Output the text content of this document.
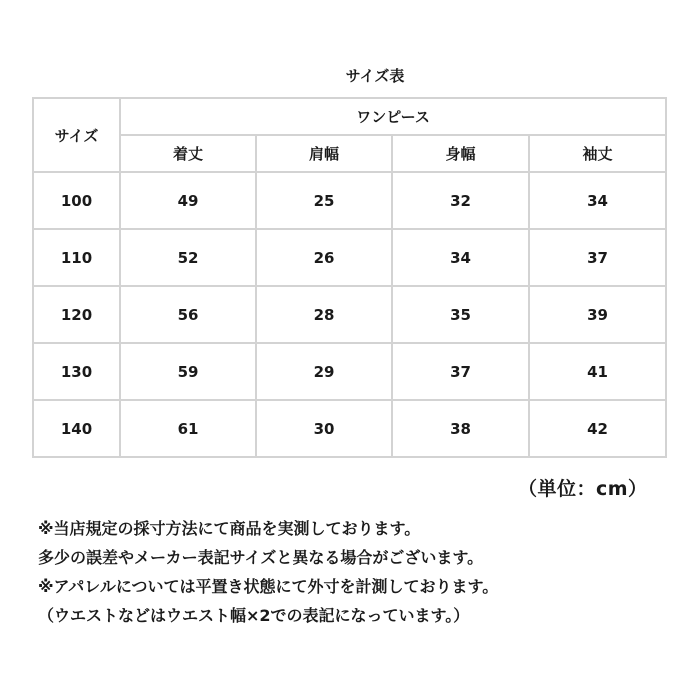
サイズ表
サイズ	ワンピース			
	着丈	肩幅	身幅	袖丈
100	49	25	32	34
110	52	26	34	37
120	56	28	35	39
130	59	29	37	41
140	61	30	38	42
（単位：cm）
※当店規定の採寸方法にて商品を実測しております。
多少の誤差やメーカー表記サイズと異なる場合がございます。
※アパレルについては平置き状態にて外寸を計測しております。
（ウエストなどはウエスト幅×2での表記になっています。）
